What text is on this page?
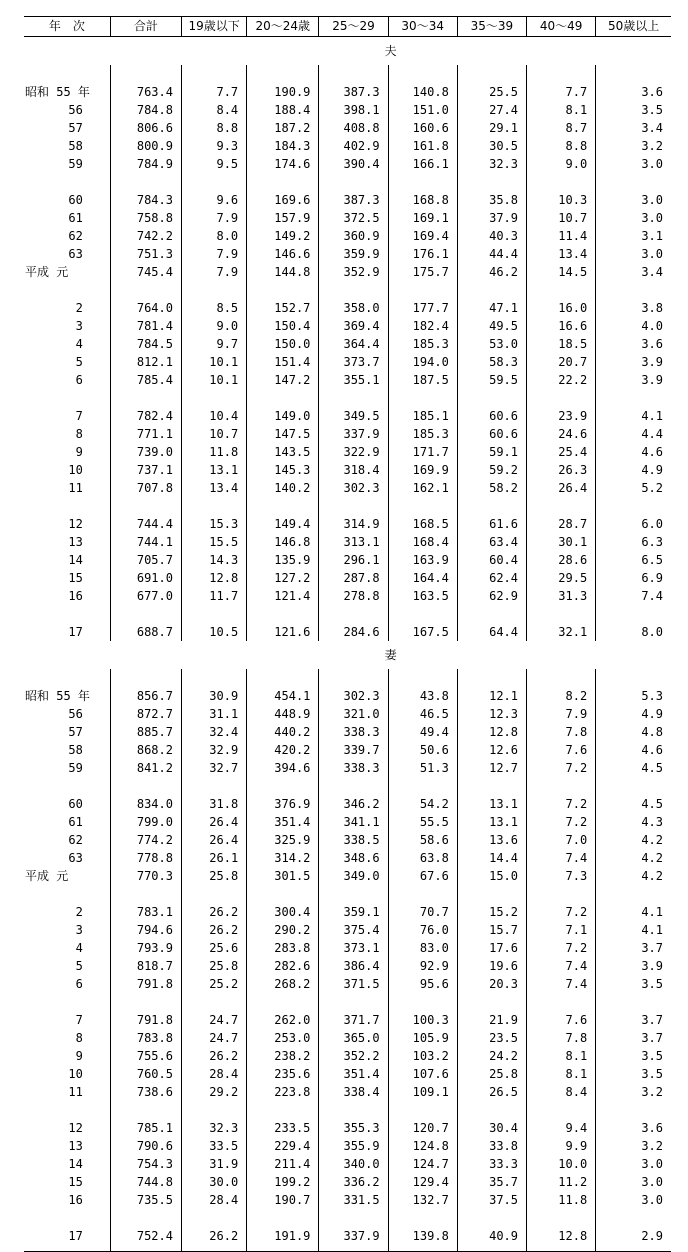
年　次	合計	19歳以下	20～24歳	25～29	30～34	35～39	40～49	50歳以上
	夫							

昭和 55 年	763.4	7.7	190.9	387.3	140.8	25.5	7.7	3.6
56	784.8	8.4	188.4	398.1	151.0	27.4	8.1	3.5
57	806.6	8.8	187.2	408.8	160.6	29.1	8.7	3.4
58	800.9	9.3	184.3	402.9	161.8	30.5	8.8	3.2
59	784.9	9.5	174.6	390.4	166.1	32.3	9.0	3.0

60	784.3	9.6	169.6	387.3	168.8	35.8	10.3	3.0
61	758.8	7.9	157.9	372.5	169.1	37.9	10.7	3.0
62	742.2	8.0	149.2	360.9	169.4	40.3	11.4	3.1
63	751.3	7.9	146.6	359.9	176.1	44.4	13.4	3.0
平成 元	745.4	7.9	144.8	352.9	175.7	46.2	14.5	3.4

2	764.0	8.5	152.7	358.0	177.7	47.1	16.0	3.8
3	781.4	9.0	150.4	369.4	182.4	49.5	16.6	4.0
4	784.5	9.7	150.0	364.4	185.3	53.0	18.5	3.6
5	812.1	10.1	151.4	373.7	194.0	58.3	20.7	3.9
6	785.4	10.1	147.2	355.1	187.5	59.5	22.2	3.9

7	782.4	10.4	149.0	349.5	185.1	60.6	23.9	4.1
8	771.1	10.7	147.5	337.9	185.3	60.6	24.6	4.4
9	739.0	11.8	143.5	322.9	171.7	59.1	25.4	4.6
10	737.1	13.1	145.3	318.4	169.9	59.2	26.3	4.9
11	707.8	13.4	140.2	302.3	162.1	58.2	26.4	5.2

12	744.4	15.3	149.4	314.9	168.5	61.6	28.7	6.0
13	744.1	15.5	146.8	313.1	168.4	63.4	30.1	6.3
14	705.7	14.3	135.9	296.1	163.9	60.4	28.6	6.5
15	691.0	12.8	127.2	287.8	164.4	62.4	29.5	6.9
16	677.0	11.7	121.4	278.8	163.5	62.9	31.3	7.4

17	688.7	10.5	121.6	284.6	167.5	64.4	32.1	8.0
	妻							

昭和 55 年	856.7	30.9	454.1	302.3	43.8	12.1	8.2	5.3
56	872.7	31.1	448.9	321.0	46.5	12.3	7.9	4.9
57	885.7	32.4	440.2	338.3	49.4	12.8	7.8	4.8
58	868.2	32.9	420.2	339.7	50.6	12.6	7.6	4.6
59	841.2	32.7	394.6	338.3	51.3	12.7	7.2	4.5

60	834.0	31.8	376.9	346.2	54.2	13.1	7.2	4.5
61	799.0	26.4	351.4	341.1	55.5	13.1	7.2	4.3
62	774.2	26.4	325.9	338.5	58.6	13.6	7.0	4.2
63	778.8	26.1	314.2	348.6	63.8	14.4	7.4	4.2
平成 元	770.3	25.8	301.5	349.0	67.6	15.0	7.3	4.2

2	783.1	26.2	300.4	359.1	70.7	15.2	7.2	4.1
3	794.6	26.2	290.2	375.4	76.0	15.7	7.1	4.1
4	793.9	25.6	283.8	373.1	83.0	17.6	7.2	3.7
5	818.7	25.8	282.6	386.4	92.9	19.6	7.4	3.9
6	791.8	25.2	268.2	371.5	95.6	20.3	7.4	3.5

7	791.8	24.7	262.0	371.7	100.3	21.9	7.6	3.7
8	783.8	24.7	253.0	365.0	105.9	23.5	7.8	3.7
9	755.6	26.2	238.2	352.2	103.2	24.2	8.1	3.5
10	760.5	28.4	235.6	351.4	107.6	25.8	8.1	3.5
11	738.6	29.2	223.8	338.4	109.1	26.5	8.4	3.2

12	785.1	32.3	233.5	355.3	120.7	30.4	9.4	3.6
13	790.6	33.5	229.4	355.9	124.8	33.8	9.9	3.2
14	754.3	31.9	211.4	340.0	124.7	33.3	10.0	3.0
15	744.8	30.0	199.2	336.2	129.4	35.7	11.2	3.0
16	735.5	28.4	190.7	331.5	132.7	37.5	11.8	3.0

17	752.4	26.2	191.9	337.9	139.8	40.9	12.8	2.9
